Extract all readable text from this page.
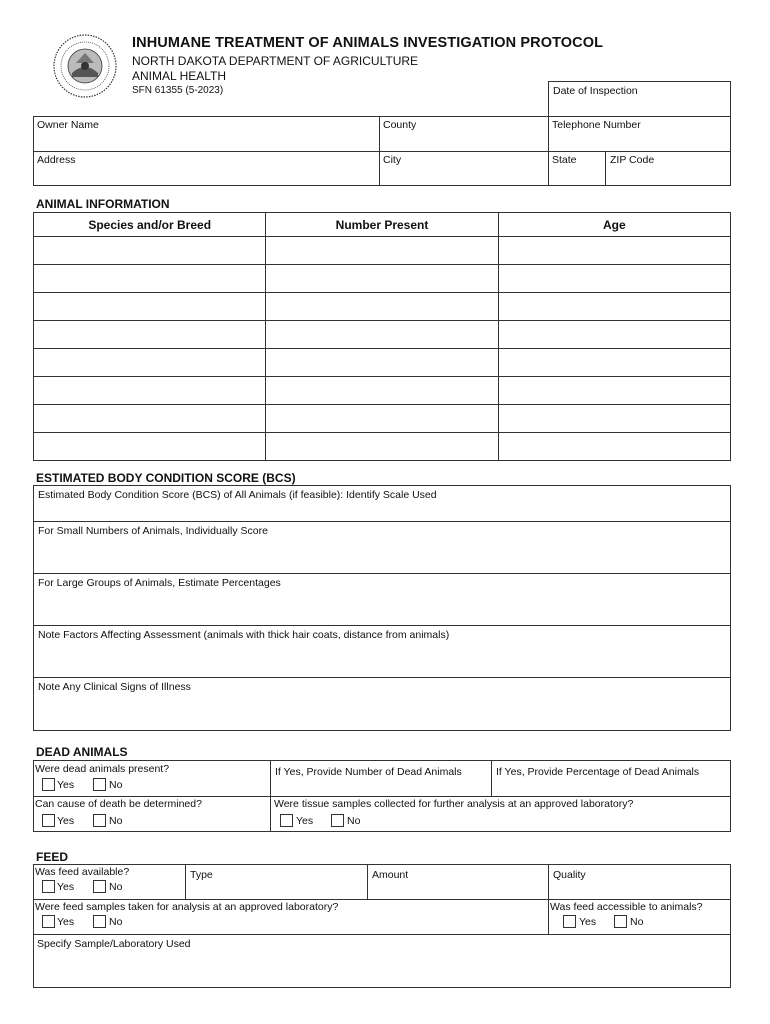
INHUMANE TREATMENT OF ANIMALS INVESTIGATION PROTOCOL
NORTH DAKOTA DEPARTMENT OF AGRICULTURE
ANIMAL HEALTH
SFN 61355 (5-2023)	Date of Inspection
Owner Name	County	Telephone Number
Address	City	State	ZIP Code
ANIMAL INFORMATION
Species and/or Breed	Number Present	Age

ESTIMATED BODY CONDITION SCORE (BCS)
Estimated Body Condition Score (BCS) of All Animals (if feasible): Identify Scale Used
For Small Numbers of Animals, Individually Score
For Large Groups of Animals, Estimate Percentages
Note Factors Affecting Assessment (animals with thick hair coats, distance from animals)
Note Any Clinical Signs of Illness
DEAD ANIMALS
Were dead animals present?
Yes	No
If Yes, Provide Number of Dead Animals	If Yes, Provide Percentage of Dead Animals
Can cause of death be determined?
Yes	No
Were tissue samples collected for further analysis at an approved laboratory?
Yes	No
FEED
Was feed available?
Yes	No
Type	Amount	Quality
Were feed samples taken for analysis at an approved laboratory?
Yes	No
Was feed accessible to animals?
Yes	No
Specify Sample/Laboratory Used
